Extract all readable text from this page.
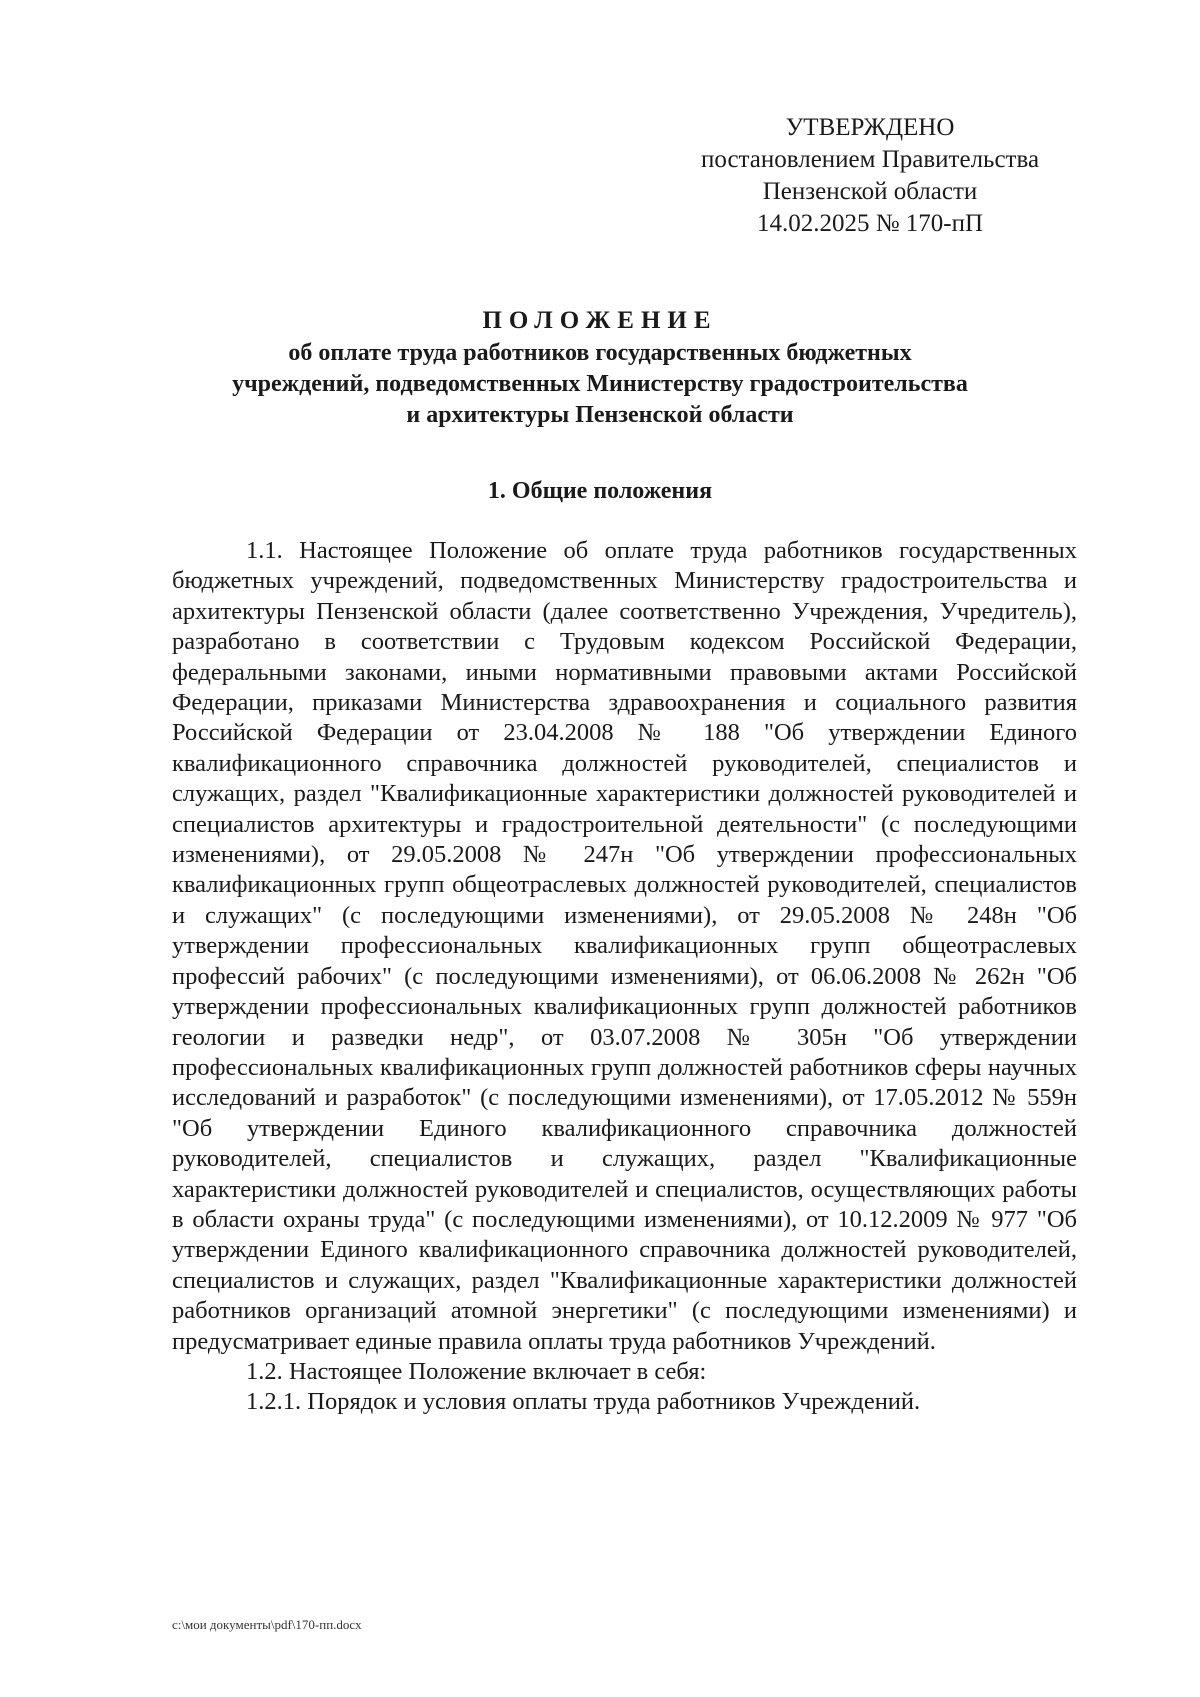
УТВЕРЖДЕНО
постановлением Правительства
Пензенской области
14.02.2025 № 170-пП
ПОЛОЖЕНИЕ
об оплате труда работников государственных бюджетных
учреждений, подведомственных Министерству градостроительства
и архитектуры Пензенской области
1. Общие положения

1.1. Настоящее Положение об оплате труда работников государственных бюджетных учреждений, подведомственных Министерству градостроительства и архитектуры Пензенской области (далее соответственно Учреждения, Учредитель), разработано в соответствии с Трудовым кодексом Российской Федерации, федеральными законами, иными нормативными правовыми актами Российской Федерации, приказами Министерства здравоохранения и социального развития Российской Федерации от 23.04.2008 № 188 "Об утверждении Единого квалификационного справочника должностей руководителей, специалистов и служащих, раздел "Квалификационные характеристики должностей руководителей и специалистов архитектуры и градостроительной деятельности" (с последующими изменениями), от 29.05.2008 № 247н "Об утверждении профессиональных квалификационных групп общеотраслевых должностей руководителей, специалистов и служащих" (с последующими изменениями), от 29.05.2008 № 248н "Об утверждении профессиональных квалификационных групп общеотраслевых профессий рабочих" (с последующими изменениями), от 06.06.2008 № 262н "Об утверждении профессиональных квалификационных групп должностей работников геологии и разведки недр", от 03.07.2008 № 305н "Об утверждении профессиональных квалификационных групп должностей работников сферы научных исследований и разработок" (с последующими изменениями), от 17.05.2012 № 559н "Об утверждении Единого квалификационного справочника должностей руководителей, специалистов и служащих, раздел "Квалификационные характеристики должностей руководителей и специалистов, осуществляющих работы в области охраны труда" (с последующими изменениями), от 10.12.2009 № 977 "Об утверждении Единого квалификационного справочника должностей руководителей, специалистов и служащих, раздел "Квалификационные характеристики должностей работников организаций атомной энергетики" (с последующими изменениями) и предусматривает единые правила оплаты труда работников Учреждений.

1.2. Настоящее Положение включает в себя:

1.2.1. Порядок и условия оплаты труда работников Учреждений.

c:\мои документы\pdf\170-пп.docx
